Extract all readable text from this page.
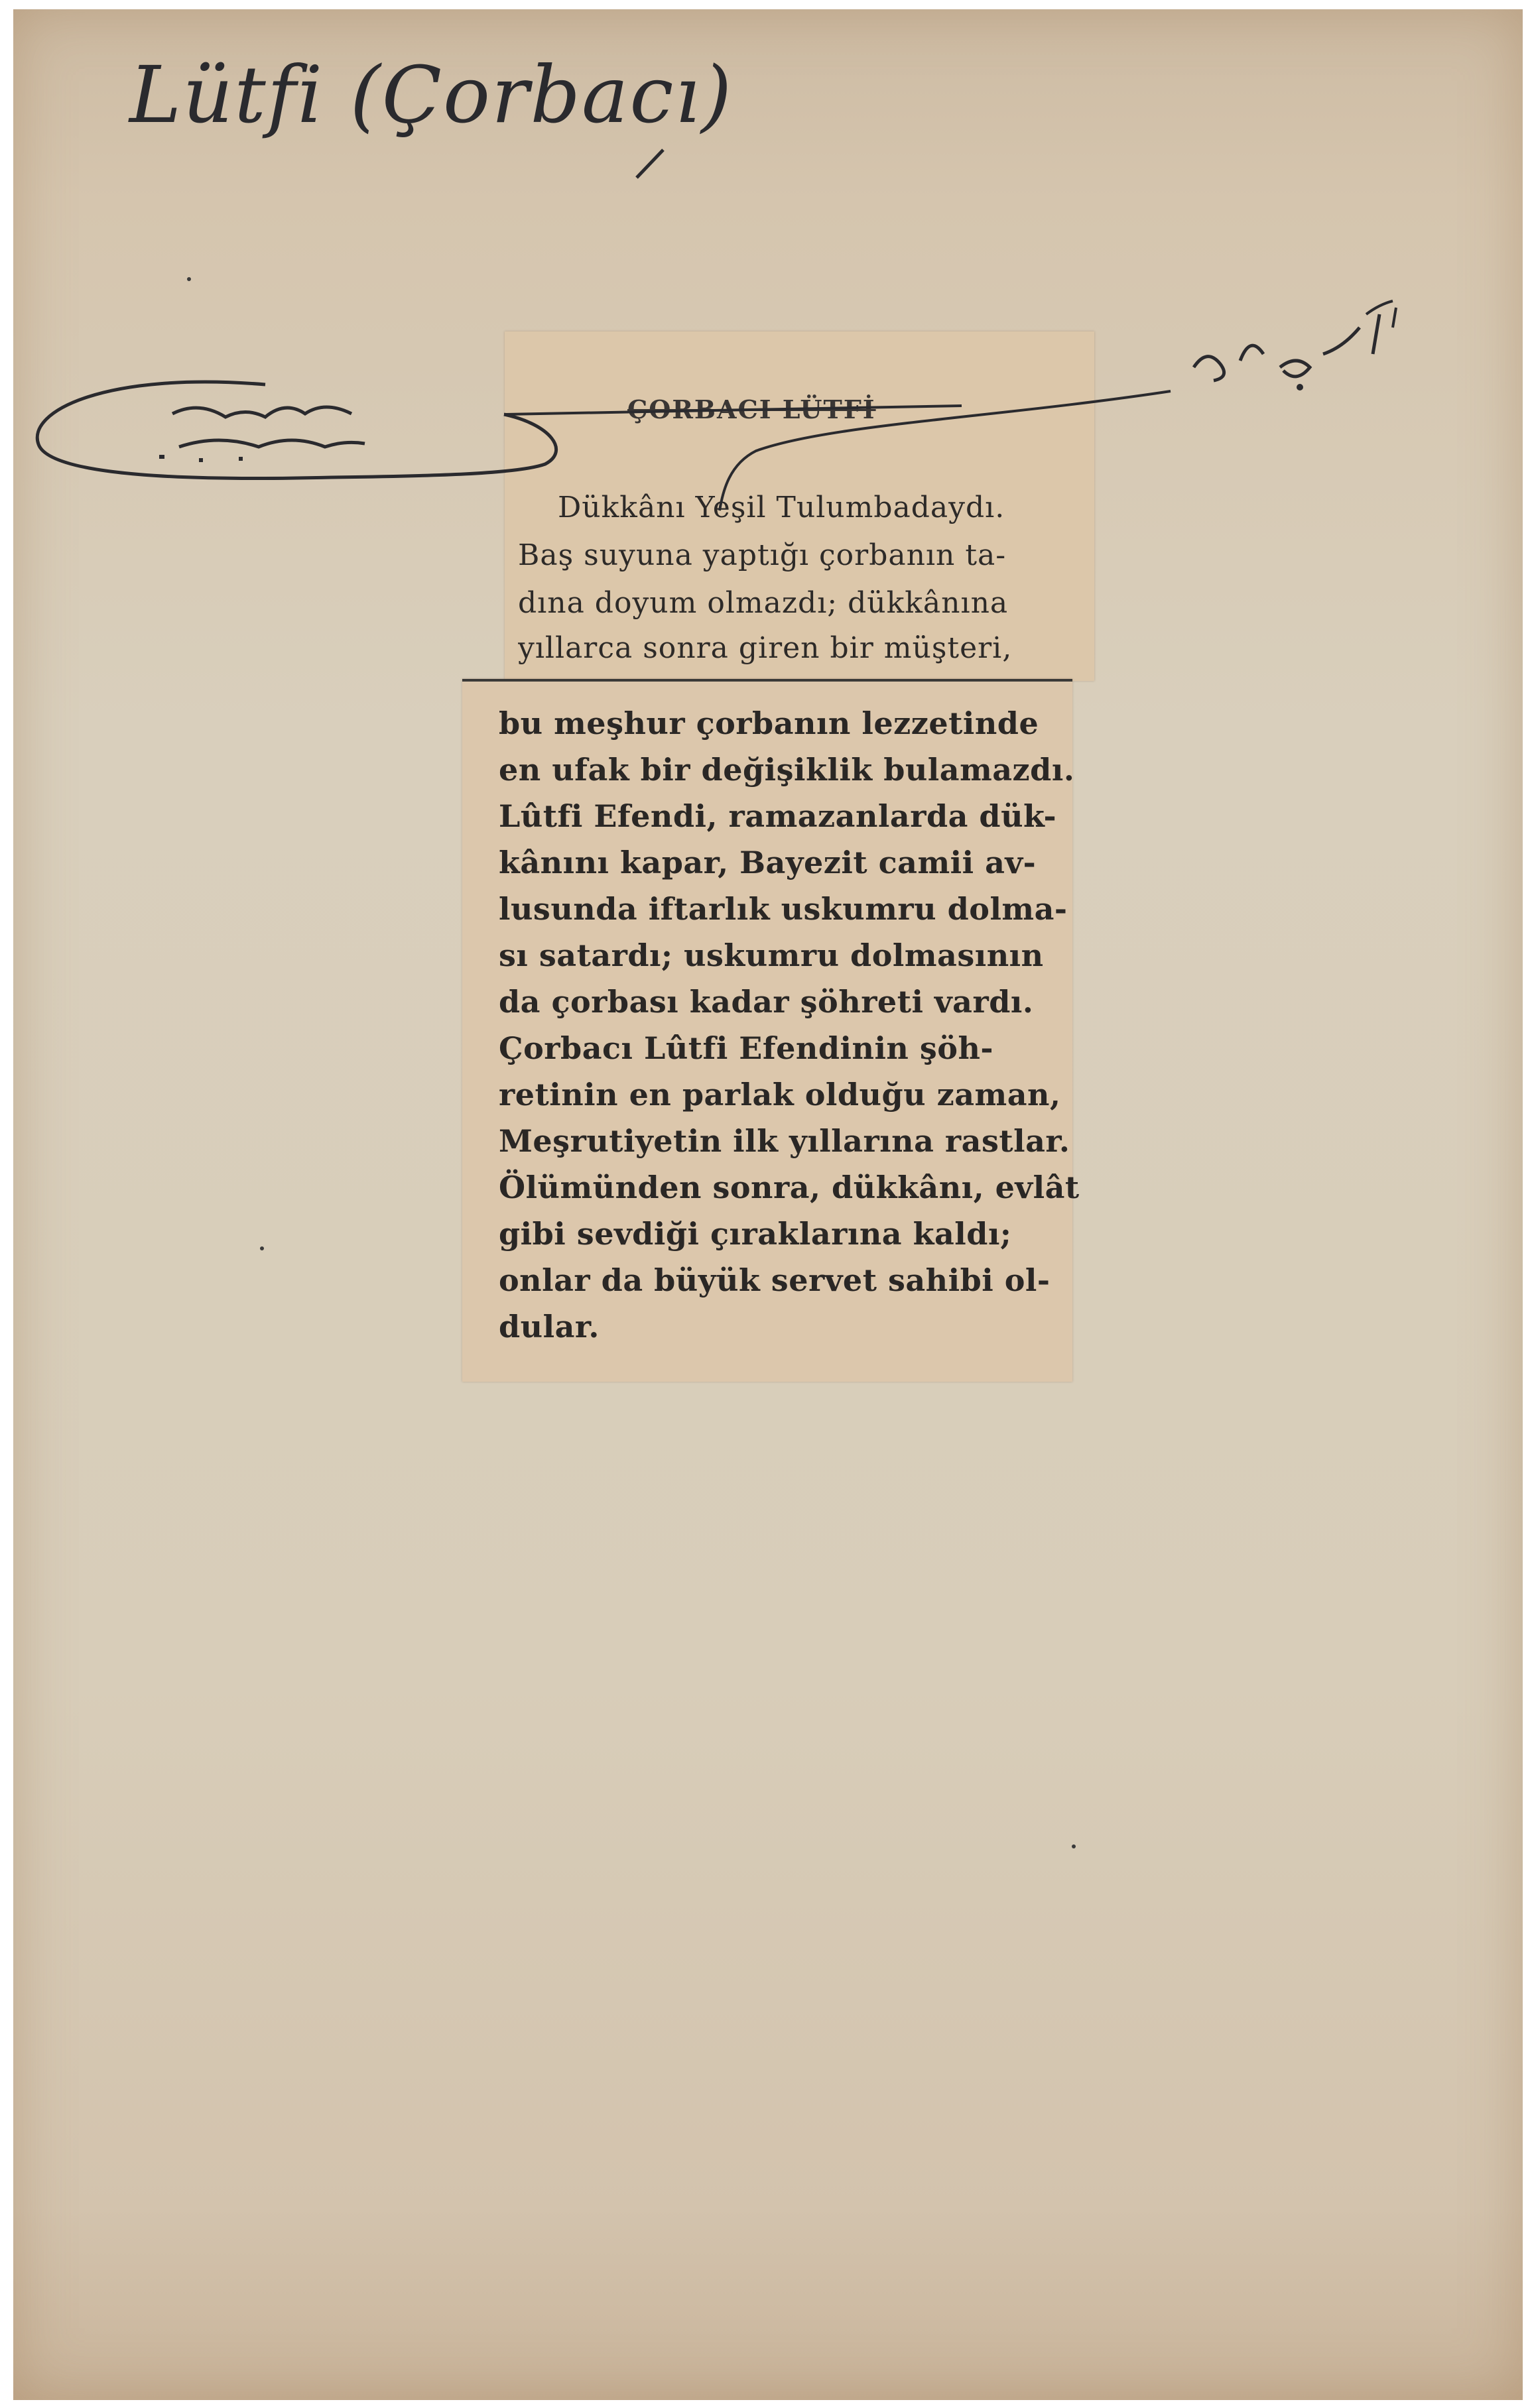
Lütfi (Çorbacı)
ÇORBACI LÜTFİ
Dükkânı Yeşil Tulumbadaydı.
Baş suyuna yaptığı çorbanın ta-
dına doyum olmazdı; dükkânına
yıllarca sonra giren bir müşteri,
bu meşhur çorbanın lezzetinde
en ufak bir değişiklik bulamazdı.
Lûtfi Efendi, ramazanlarda dük-
kânını kapar, Bayezit camii av-
lusunda iftarlık uskumru dolma-
sı satardı; uskumru dolmasının
da çorbası kadar şöhreti vardı.
Çorbacı Lûtfi Efendinin şöh-
retinin en parlak olduğu zaman,
Meşrutiyetin ilk yıllarına rastlar.
Ölümünden sonra, dükkânı, evlât
gibi sevdiği çıraklarına kaldı;
onlar da büyük servet sahibi ol-
dular.
